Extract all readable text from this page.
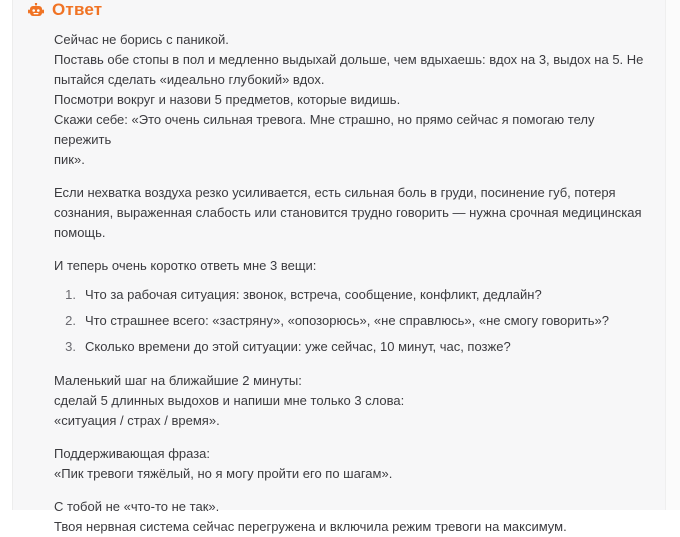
Ответ

Сейчас не борись с паникой.
Поставь обе стопы в пол и медленно выдыхай дольше, чем вдыхаешь: вдох на 3, выдох на 5. Не
пытайся сделать «идеально глубокий» вдох.
Посмотри вокруг и назови 5 предметов, которые видишь.
Скажи себе: «Это очень сильная тревога. Мне страшно, но прямо сейчас я помогаю телу пережить
пик».

Если нехватка воздуха резко усиливается, есть сильная боль в груди, посинение губ, потеря
сознания, выраженная слабость или становится трудно говорить — нужна срочная медицинская
помощь.

И теперь очень коротко ответь мне 3 вещи:

1. Что за рабочая ситуация: звонок, встреча, сообщение, конфликт, дедлайн?
2. Что страшнее всего: «застряну», «опозорюсь», «не справлюсь», «не смогу говорить»?
3. Сколько времени до этой ситуации: уже сейчас, 10 минут, час, позже?

Маленький шаг на ближайшие 2 минуты:
сделай 5 длинных выдохов и напиши мне только 3 слова:
«ситуация / страх / время».

Поддерживающая фраза:
«Пик тревоги тяжёлый, но я могу пройти его по шагам».

С тобой не «что-то не так».
Твоя нервная система сейчас перегружена и включила режим тревоги на максимум.
